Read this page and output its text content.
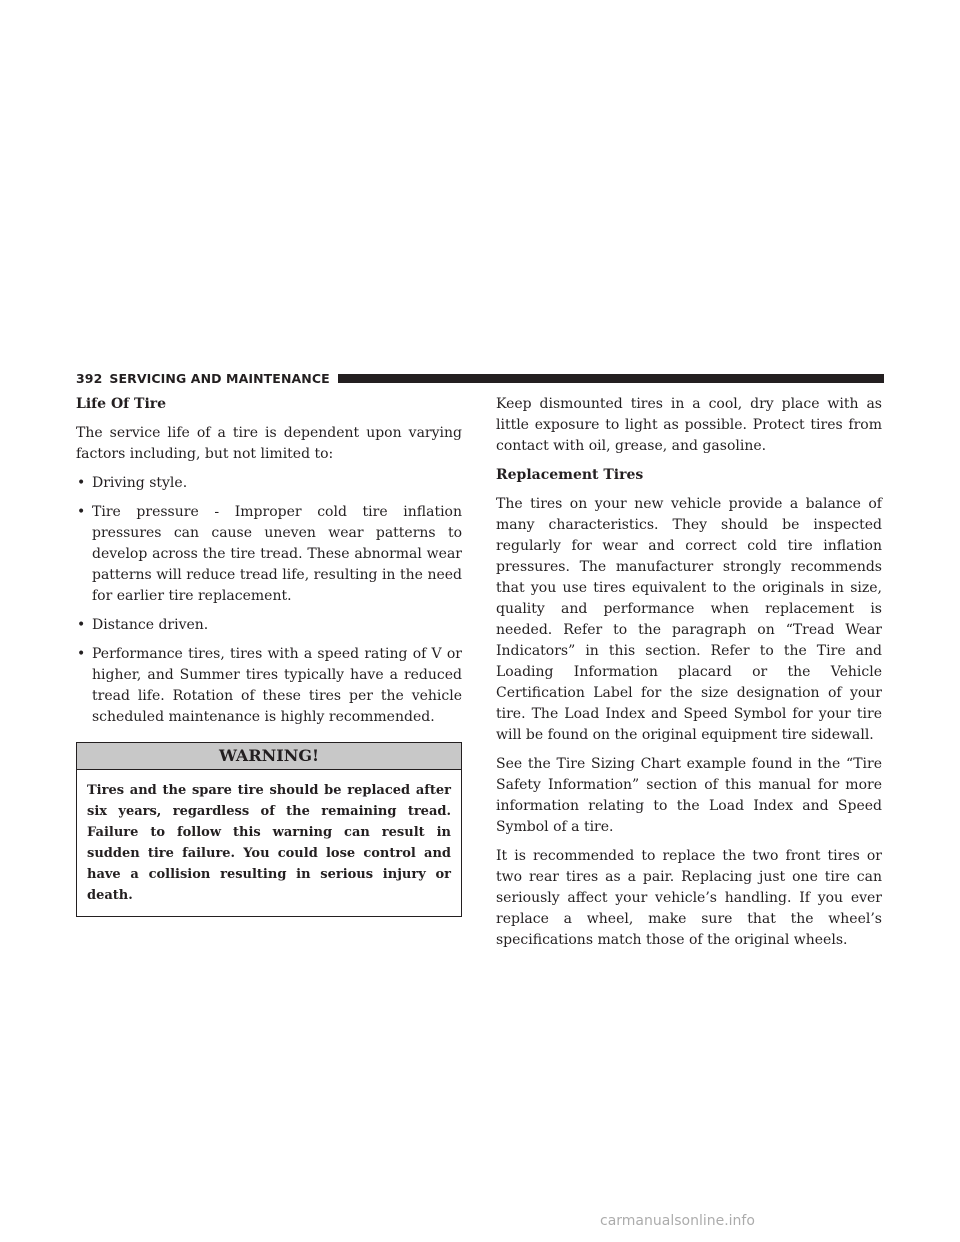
392 SERVICING AND MAINTENANCE
Life Of Tire

The service life of a tire is dependent upon varying factors including, but not limited to:

• Driving style.
• Tire pressure - Improper cold tire inflation pressures can cause uneven wear patterns to develop across the tire tread. These abnormal wear patterns will reduce tread life, resulting in the need for earlier tire replacement.
• Distance driven.
• Performance tires, tires with a speed rating of V or higher, and Summer tires typically have a reduced tread life. Rotation of these tires per the vehicle scheduled maintenance is highly recommended.
WARNING!
Tires and the spare tire should be replaced after six years, regardless of the remaining tread. Failure to follow this warning can result in sudden tire failure. You could lose control and have a collision resulting in serious injury or death.

Keep dismounted tires in a cool, dry place with as little exposure to light as possible. Protect tires from contact with oil, grease, and gasoline.

Replacement Tires

The tires on your new vehicle provide a balance of many characteristics. They should be inspected regularly for wear and correct cold tire inflation pressures. The manufacturer strongly recommends that you use tires equivalent to the originals in size, quality and performance when replacement is needed. Refer to the paragraph on “Tread Wear Indicators” in this section. Refer to the Tire and Loading Information placard or the Vehicle Certification Label for the size designation of your tire. The Load Index and Speed Symbol for your tire will be found on the original equipment tire sidewall.

See the Tire Sizing Chart example found in the “Tire Safety Information” section of this manual for more information relating to the Load Index and Speed Symbol of a tire.

It is recommended to replace the two front tires or two rear tires as a pair. Replacing just one tire can seriously affect your vehicle’s handling. If you ever replace a wheel, make sure that the wheel’s specifications match those of the original wheels.

carmanualsonline.info
